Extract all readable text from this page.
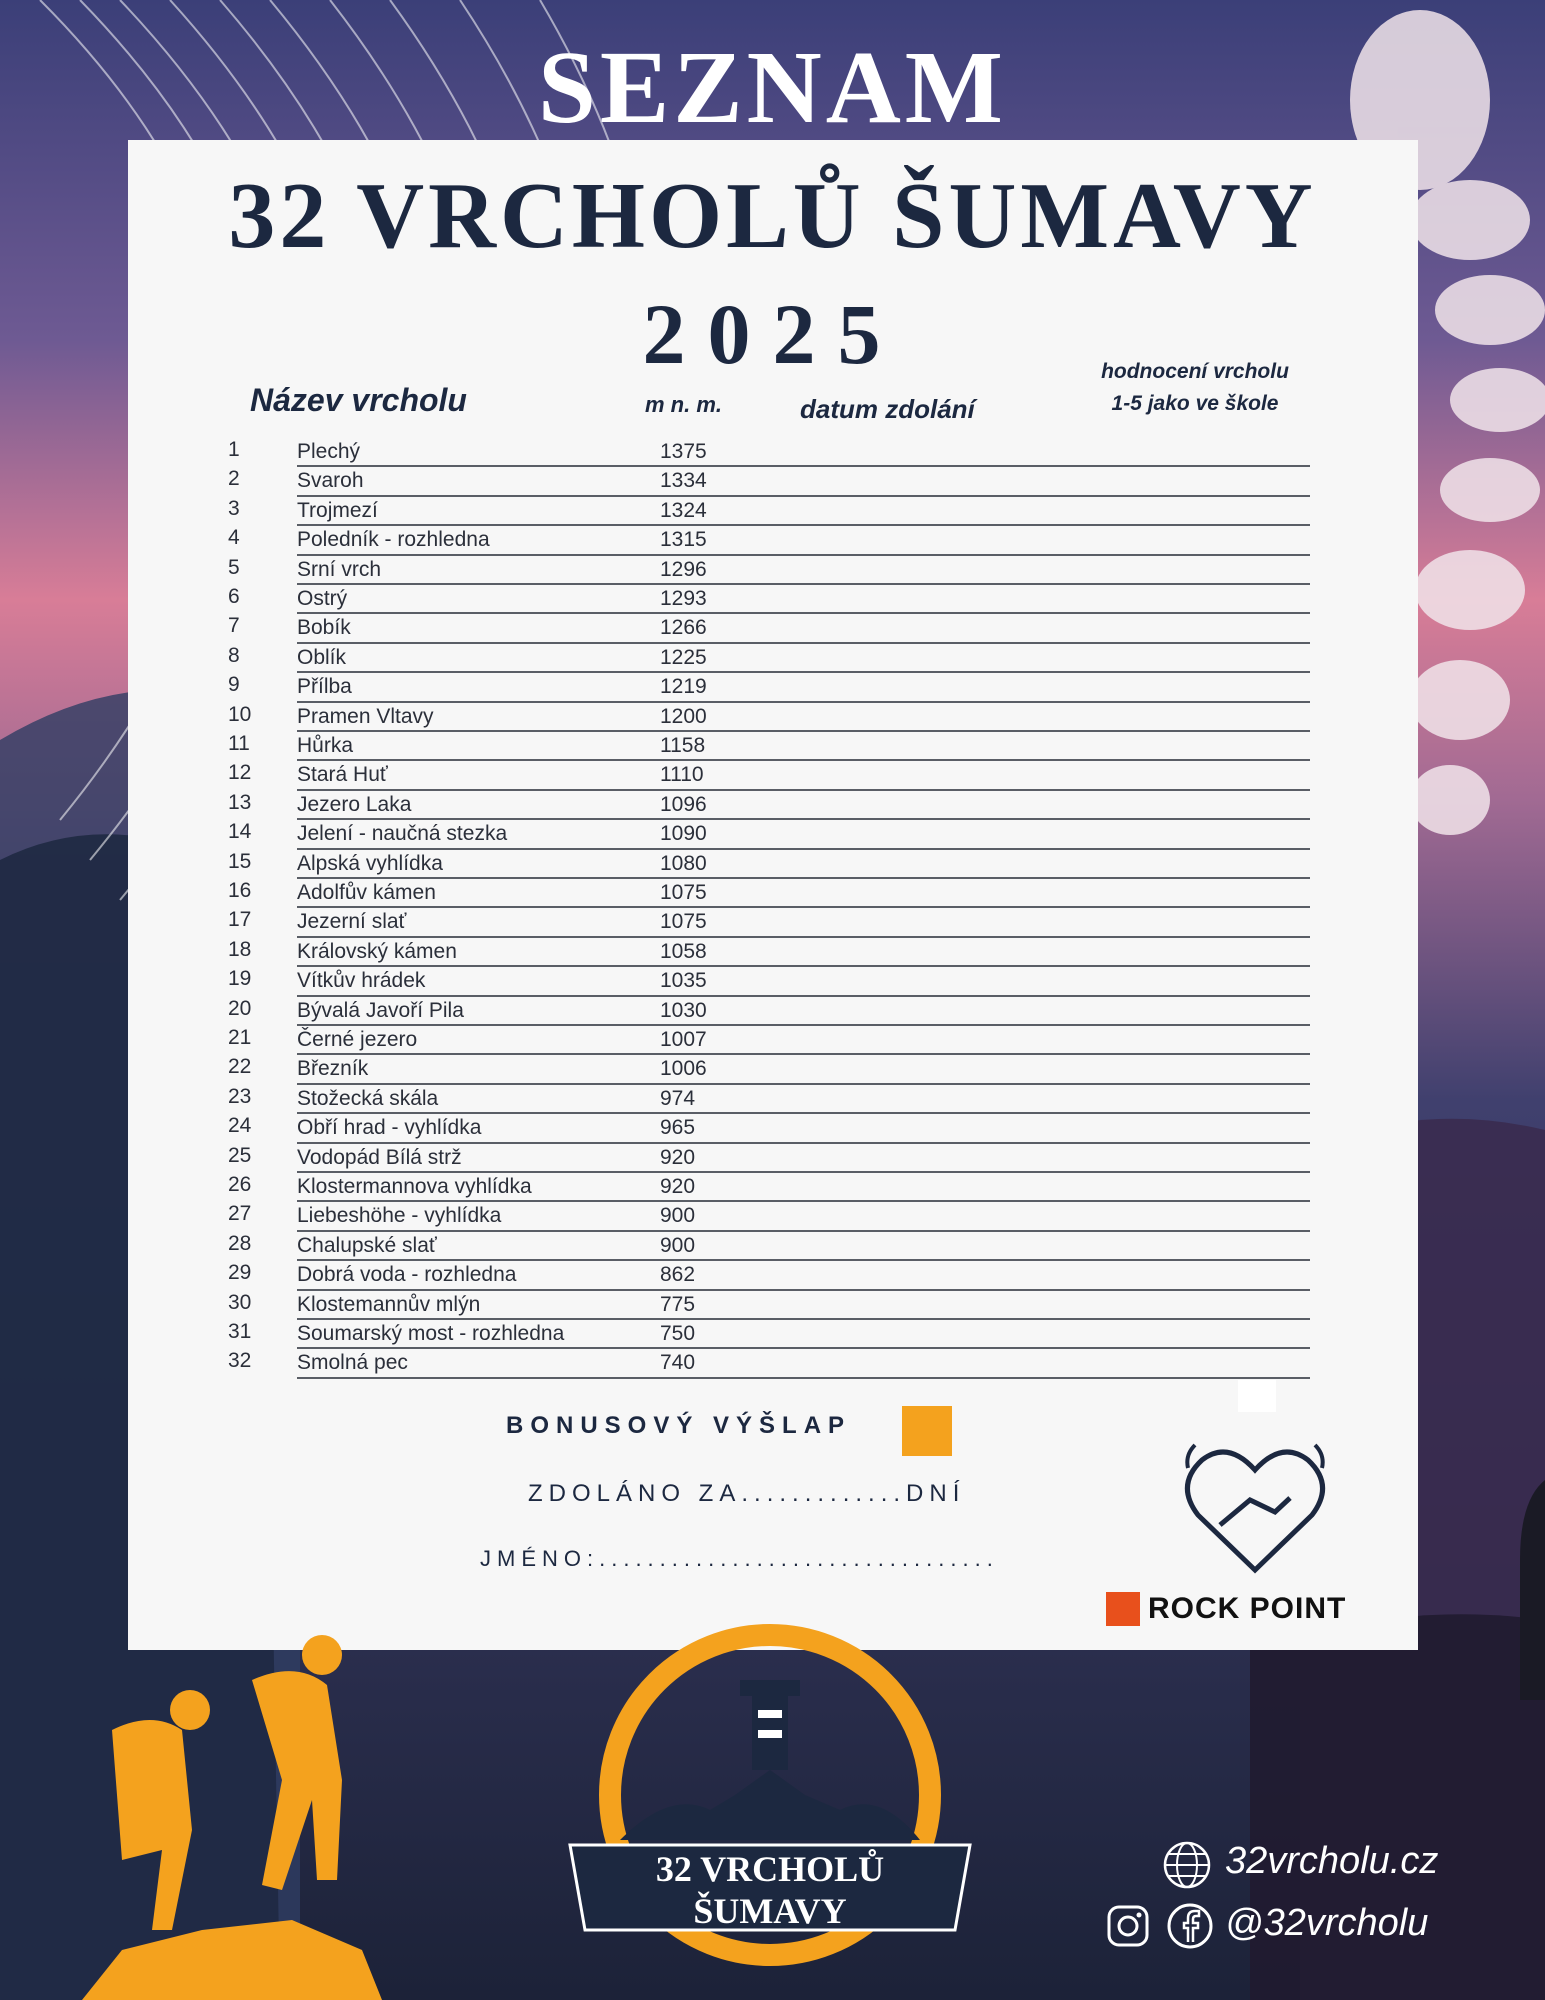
SEZNAM
32 VRCHOLŮ ŠUMAVY
2025
Název vrcholu	m n. m.	datum zdolání
hodnocení vrcholu
1-5 jako ve škole
1	Plechý	1375
2	Svaroh	1334
3	Trojmezí	1324
4	Poledník - rozhledna	1315
5	Srní vrch	1296
6	Ostrý	1293
7	Bobík	1266
8	Oblík	1225
9	Přílba	1219
10 Pramen Vltavy	1200
11 Hůrka	1158
12 Stará Huť	1110
13 Jezero Laka	1096
14 Jelení - naučná stezka	1090
15 Alpská vyhlídka	1080
16 Adolfův kámen	1075
17 Jezerní slať	1075
18 Královský kámen	1058
19 Vítkův hrádek	1035
20 Bývalá Javoří Pila	1030
21 Černé jezero	1007
22 Březník	1006
23 Stožecká skála	974
24 Obří hrad - vyhlídka	965
25 Vodopád Bílá strž	920
26 Klostermannova vyhlídka	920
27 Liebeshöhe - vyhlídka	900
28 Chalupské slať	900
29 Dobrá voda - rozhledna	862
30 Klostemannův mlýn	775
31 Soumarský most - rozhledna	750
32 Smolná pec	740
BONUSOVÝ VÝŠLAP
ZDOLÁNO ZA.............DNÍ
JMÉNO:.................................
ROCK POINT
32 VRCHOLŮ ŠUMAVY
32vrcholu.cz
@32vrcholu
